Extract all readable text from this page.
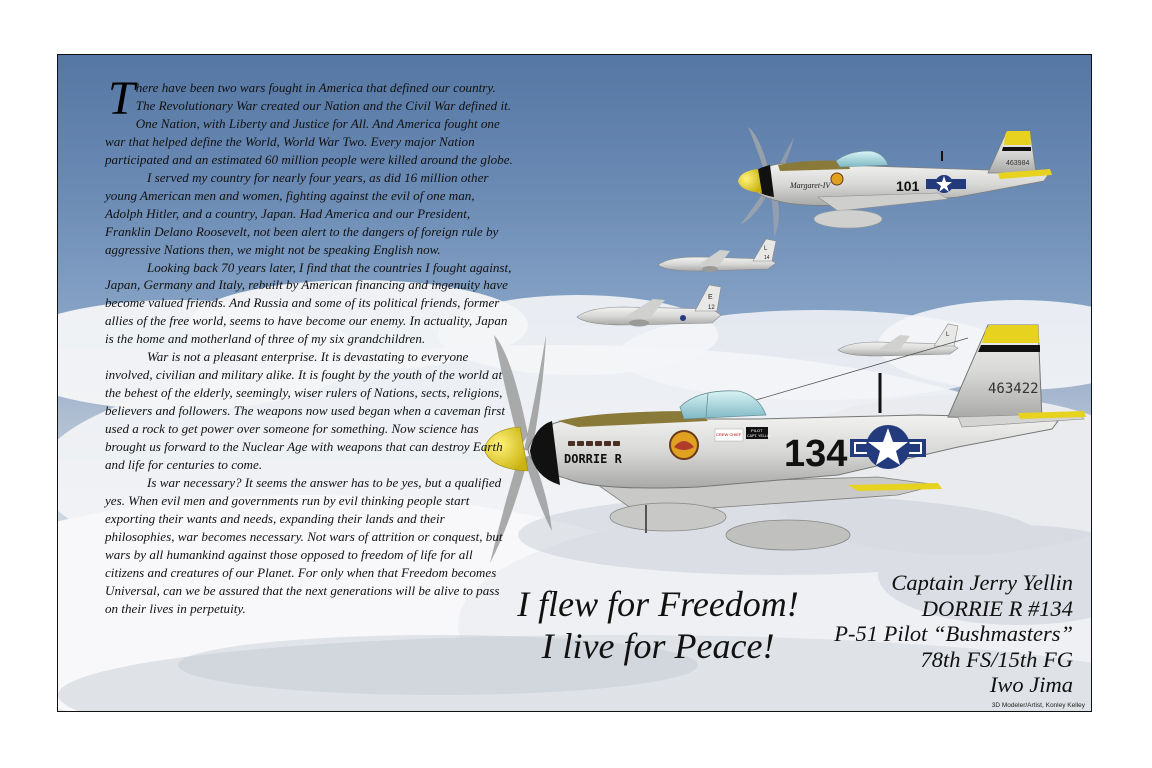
L
14
E
12
L
101
Margaret-IV
463984
CREW CHIEF
PILOT
CAPT. YELLIN 134
DORRIE R
463422

There have been two wars fought in America that defined our country. The Revolutionary War created our Nation and the Civil War defined it. One Nation, with Liberty and Justice for All. And America fought one war that helped define the World, World War Two. Every major Nation participated and an estimated 60 million people were killed around the globe.

I served my country for nearly four years, as did 16 million other young American men and women, fighting against the evil of one man, Adolph Hitler, and a country, Japan. Had America and our President, Franklin Delano Roosevelt, not been alert to the dangers of foreign rule by aggressive Nations then, we might not be speaking English now.

Looking back 70 years later, I find that the countries I fought against, Japan, Germany and Italy, rebuilt by American financing and ingenuity have become valued friends. And Russia and some of its political friends, former allies of the free world, seems to have become our enemy. In actuality, Japan is the home and motherland of three of my six grandchildren.

War is not a pleasant enterprise. It is devastating to everyone involved, civilian and military alike. It is fought by the youth of the world at the behest of the elderly, seemingly, wiser rulers of Nations, sects, religions, believers and followers. The weapons now used began when a caveman first used a rock to get power over someone for something. Now science has brought us forward to the Nuclear Age with weapons that can destroy Earth and life for centuries to come.

Is war necessary? It seems the answer has to be yes, but a qualified yes. When evil men and governments run by evil thinking people start exporting their wants and needs, expanding their lands and their philosophies, war becomes necessary. Not wars of attrition or conquest, but wars by all humankind against those opposed to freedom of life for all citizens and creatures of our Planet. For only when that Freedom becomes Universal, can we be assured that the next generations will be alive to pass on their lives in perpetuity.	I flew for Freedom!
I live for Peace!
Captain Jerry Yellin
DORRIE R #134
P-51 Pilot “Bushmasters”
78th FS/15th FG
Iwo Jima
3D Modeler/Artist, Konley Kelley
